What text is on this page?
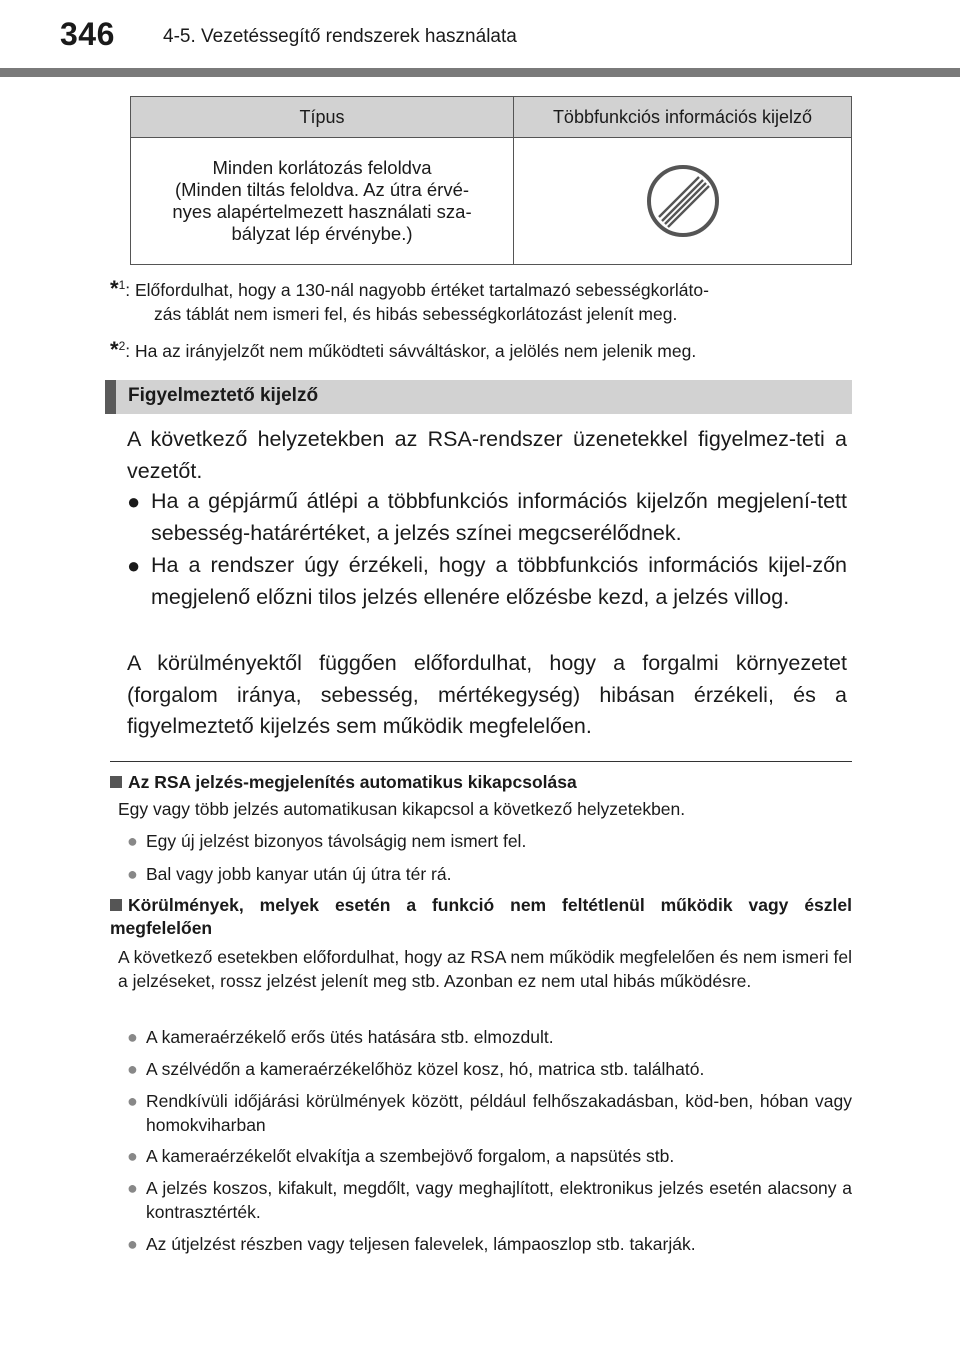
346	4-5. Vezetéssegítő rendszerek használata
Típus	Többfunkciós információs kijelző

Minden korlátozás feloldva
(Minden tiltás feloldva. Az útra érvé-
nyes alapértelmezett használati sza-
bályzat lép érvénybe.)

*$^1$: Előfordulhat, hogy a 130-nál nagyobb értéket tartalmazó sebességkorláto-
zás táblát nem ismeri fel, és hibás sebességkorlátozást jelenít meg.
*$^2$: Ha az irányjelzőt nem működteti sávváltáskor, a jelölés nem jelenik meg.
Figyelmeztető kijelző
A következő helyzetekben az RSA-rendszer üzenetekkel figyelmez-teti a vezetőt.
● Ha a gépjármű átlépi a többfunkciós információs kijelzőn megjelení-tett sebesség-határértéket, a jelzés színei megcserélődnek.
● Ha a rendszer úgy érzékeli, hogy a többfunkciós információs kijel-zőn megjelenő előzni tilos jelzés ellenére előzésbe kezd, a jelzés villog.
A körülményektől függően előfordulhat, hogy a forgalmi környezetet (forgalom iránya, sebesség, mértékegység) hibásan érzékeli, és a figyelmeztető kijelzés sem működik megfelelően.
Az RSA jelzés-megjelenítés automatikus kikapcsolása
Egy vagy több jelzés automatikusan kikapcsol a következő helyzetekben.
● Egy új jelzést bizonyos távolságig nem ismert fel.
● Bal vagy jobb kanyar után új útra tér rá.
Körülmények, melyek esetén a funkció nem feltétlenül működik vagy észlel megfelelően
A következő esetekben előfordulhat, hogy az RSA nem működik megfelelően és nem ismeri fel a jelzéseket, rossz jelzést jelenít meg stb. Azonban ez nem utal hibás működésre.
● A kameraérzékelő erős ütés hatására stb. elmozdult.
● A szélvédőn a kameraérzékelőhöz közel kosz, hó, matrica stb. található.
● Rendkívüli időjárási körülmények között, például felhőszakadásban, köd-ben, hóban vagy homokviharban
● A kameraérzékelőt elvakítja a szembejövő forgalom, a napsütés stb.
● A jelzés koszos, kifakult, megdőlt, vagy meghajlított, elektronikus jelzés esetén alacsony a kontrasztérték.
● Az útjelzést részben vagy teljesen falevelek, lámpaoszlop stb. takarják.
